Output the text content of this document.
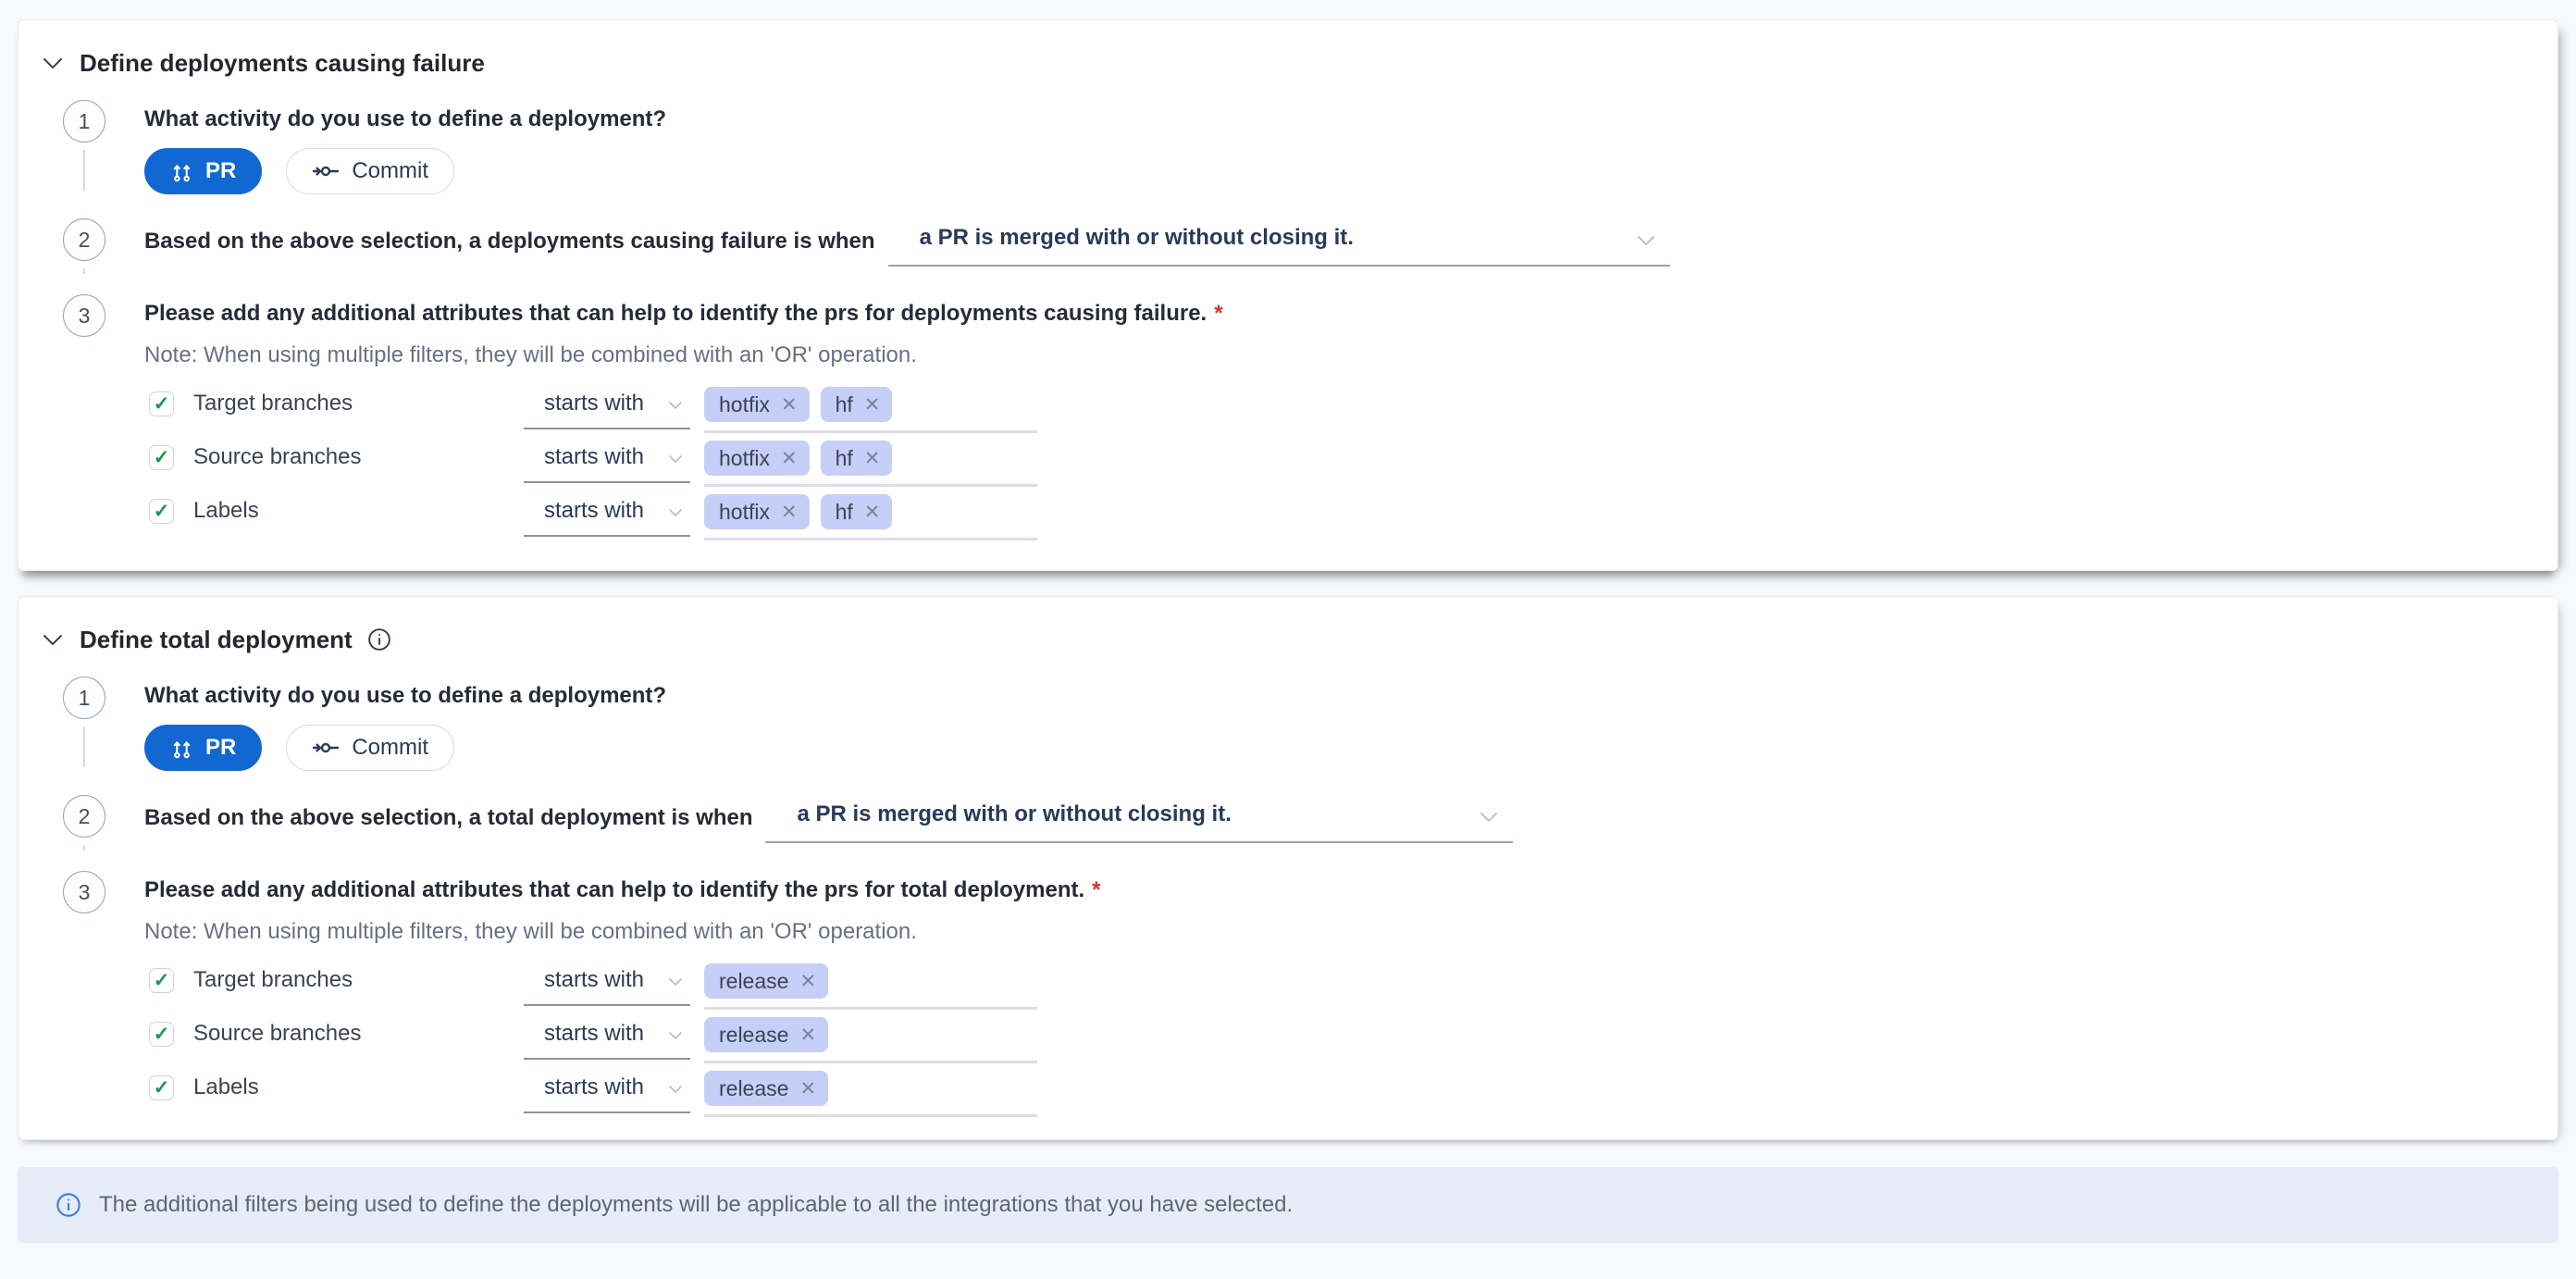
Define deployments causing failure
1	What activity do you use to define a deployment?
PR	Commit
2	Based on the above selection, a deployments causing failure is when a PR is merged with or without closing it.
3	Please add any additional attributes that can help to identify the prs for deployments causing failure. *
Note: When using multiple filters, they will be combined with an 'OR' operation.
✓ Target branches	starts with	hotfix ✕ hf ✕
✓ Source branches	starts with	hotfix ✕ hf ✕
✓ Labels	starts with	hotfix ✕ hf ✕
Define total deployment
1	What activity do you use to define a deployment?
PR	Commit
2	Based on the above selection, a total deployment is when a PR is merged with or without closing it.
3	Please add any additional attributes that can help to identify the prs for total deployment. *
Note: When using multiple filters, they will be combined with an 'OR' operation.
✓ Target branches	starts with	release ✕
✓ Source branches	starts with	release ✕
✓ Labels	starts with	release ✕
The additional filters being used to define the deployments will be applicable to all the integrations that you have selected.
